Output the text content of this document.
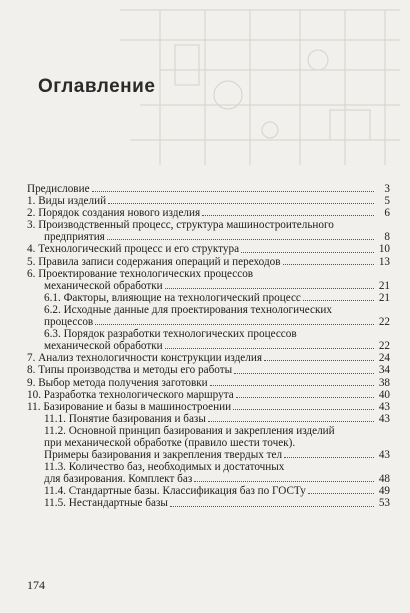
Оглавление
Предисловие	3
1. Виды изделий	5
2. Порядок создания нового изделия	6
3. Производственный процесс, структура машиностроительного
предприятия	8
4. Технологический процесс и его структура	10
5. Правила записи содержания операций и переходов	13
6. Проектирование технологических процессов
механической обработки	21
6.1. Факторы, влияющие на технологический процесс	21
6.2. Исходные данные для проектирования технологических
процессов	22
6.3. Порядок разработки технологических процессов
механической обработки	22
7. Анализ технологичности конструкции изделия	24
8. Типы производства и методы его работы	34
9. Выбор метода получения заготовки	38
10. Разработка технологического маршрута	40
11. Базирование и базы в машиностроении	43
11.1. Понятие базирования и базы	43
11.2. Основной принцип базирования и закрепления изделий
при механической обработке (правило шести точек).
Примеры базирования и закрепления твердых тел	43
11.3. Количество баз, необходимых и достаточных
для базирования. Комплект баз	48
11.4. Стандартные базы. Классификация баз по ГОСТу	49
11.5. Нестандартные базы	53
174
